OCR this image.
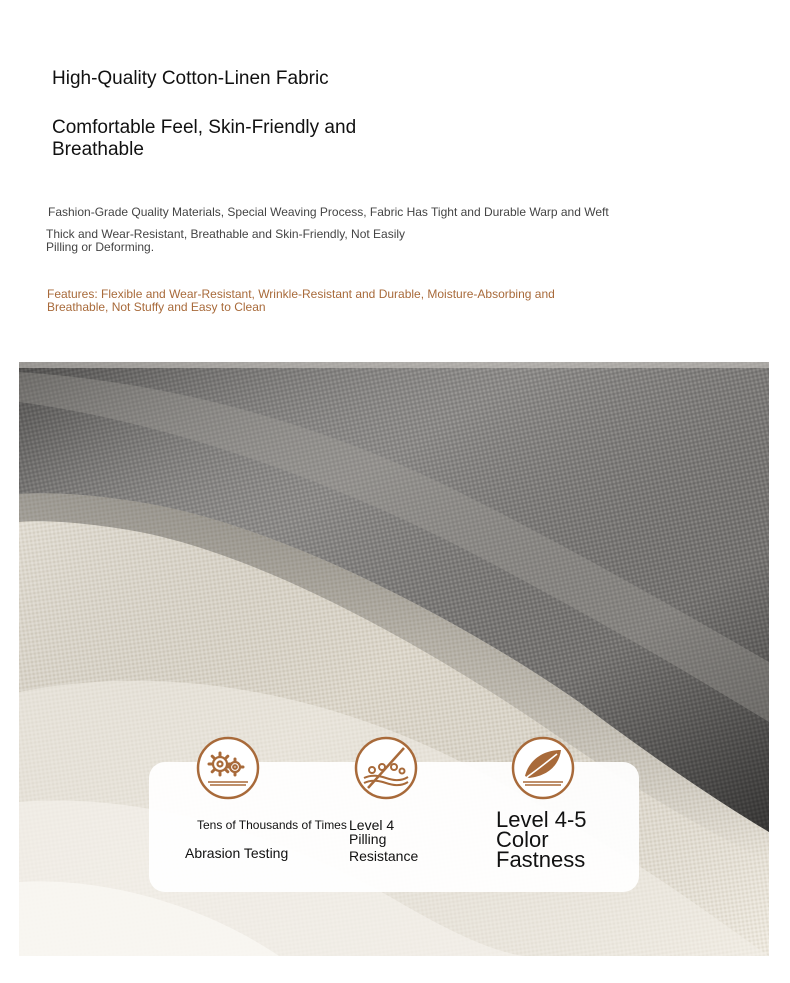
High-Quality Cotton-Linen Fabric
Comfortable Feel, Skin-Friendly and Breathable
Fashion-Grade Quality Materials, Special Weaving Process, Fabric Has Tight and Durable Warp and Weft
Thick and Wear-Resistant, Breathable and Skin-Friendly, Not Easily Pilling or Deforming.
Features: Flexible and Wear-Resistant, Wrinkle-Resistant and Durable, Moisture-Absorbing and Breathable, Not Stuffy and Easy to Clean
Tens of Thousands of Times
Abrasion Testing
Level 4
Pilling
Resistance
Level 4-5
Color
Fastness
